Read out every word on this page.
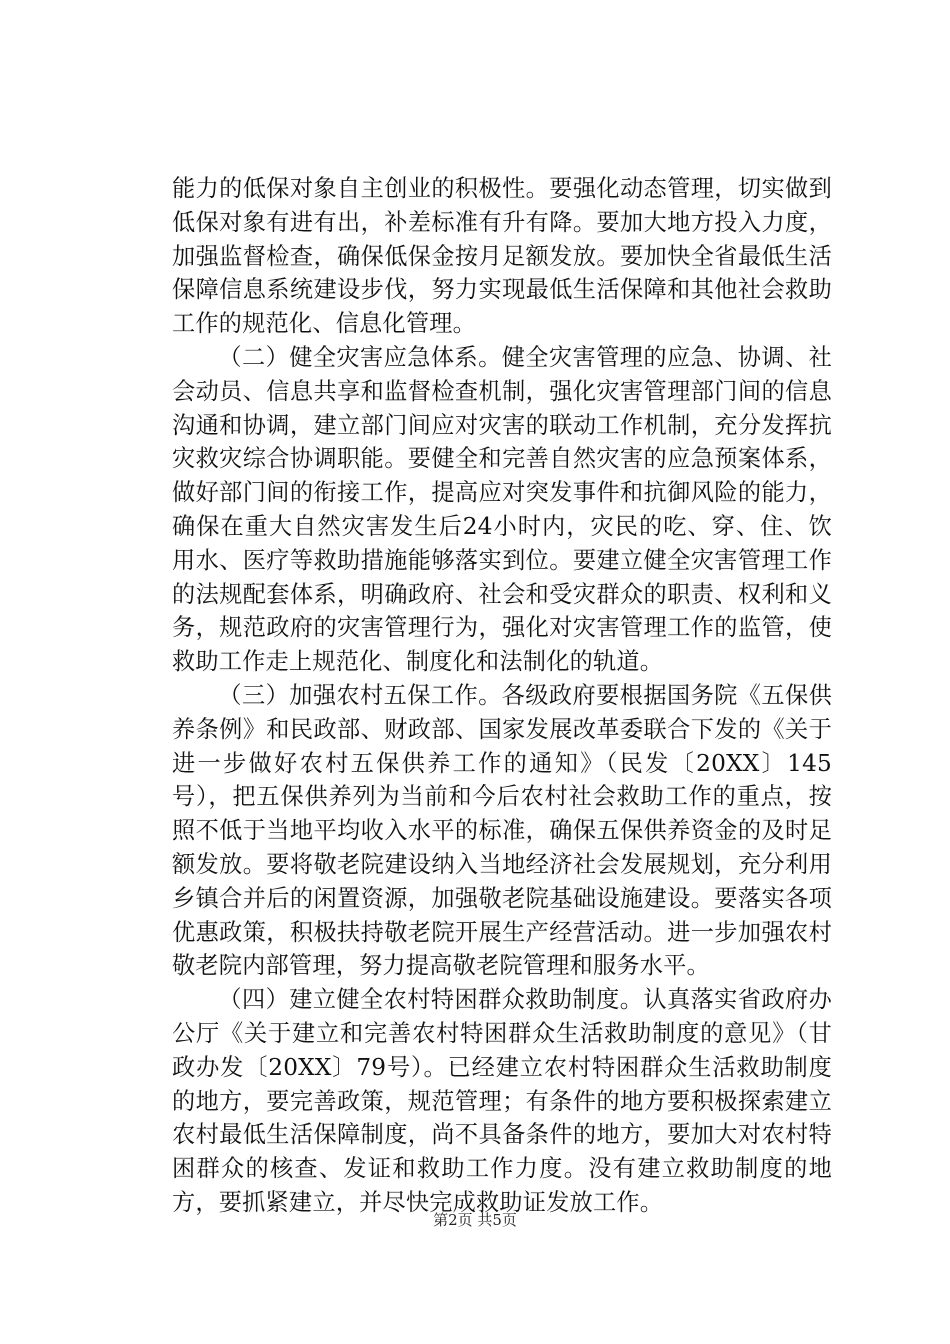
能力的低保对象自主创业的积极性。要强化动态管理，切实做到低保对象有进有出，补差标准有升有降。要加大地方投入力度，加强监督检查，确保低保金按月足额发放。要加快全省最低生活保障信息系统建设步伐，努力实现最低生活保障和其他社会救助工作的规范化、信息化管理。

（二）健全灾害应急体系。健全灾害管理的应急、协调、社会动员、信息共享和监督检查机制，强化灾害管理部门间的信息沟通和协调，建立部门间应对灾害的联动工作机制，充分发挥抗灾救灾综合协调职能。要健全和完善自然灾害的应急预案体系，做好部门间的衔接工作，提高应对突发事件和抗御风险的能力，确保在重大自然灾害发生后24小时内，灾民的吃、穿、住、饮用水、医疗等救助措施能够落实到位。要建立健全灾害管理工作的法规配套体系，明确政府、社会和受灾群众的职责、权利和义务，规范政府的灾害管理行为，强化对灾害管理工作的监管，使救助工作走上规范化、制度化和法制化的轨道。

（三）加强农村五保工作。各级政府要根据国务院《五保供养条例》和民政部、财政部、国家发展改革委联合下发的《关于进一步做好农村五保供养工作的通知》（民发〔20XX〕145号），把五保供养列为当前和今后农村社会救助工作的重点，按照不低于当地平均收入水平的标准，确保五保供养资金的及时足额发放。要将敬老院建设纳入当地经济社会发展规划，充分利用乡镇合并后的闲置资源，加强敬老院基础设施建设。要落实各项优惠政策，积极扶持敬老院开展生产经营活动。进一步加强农村敬老院内部管理，努力提高敬老院管理和服务水平。

（四）建立健全农村特困群众救助制度。认真落实省政府办公厅《关于建立和完善农村特困群众生活救助制度的意见》（甘政办发〔20XX〕79号）。已经建立农村特困群众生活救助制度的地方，要完善政策，规范管理；有条件的地方要积极探索建立农村最低生活保障制度，尚不具备条件的地方，要加大对农村特困群众的核查、发证和救助工作力度。没有建立救助制度的地方，要抓紧建立，并尽快完成救助证发放工作。

第2页 共5页
